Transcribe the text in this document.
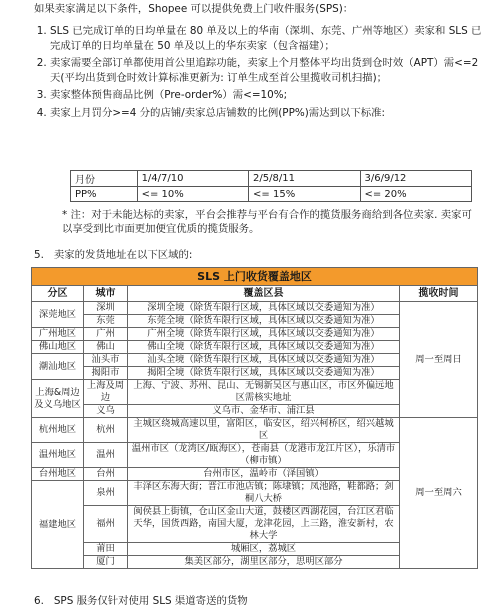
如果卖家满足以下条件，Shopee 可以提供免费上门收件服务(SPS)：
1. SLS 已完成订单的日均单量在 80 单及以上的华南（深圳、东莞、广州等地区）卖家和 SLS 已完成订单的日均单量在 50 单及以上的华东卖家（包含福建）；
2. 卖家需要全部订单都使用首公里追踪功能，卖家上个月整体平均出货到仓时效（APT）需<=2 天(平均出货到仓时效计算标准更新为: 订单生成至首公里揽收司机扫描)；
3. 卖家整体预售商品比例（Pre-order%）需<=10%;
4. 卖家上月罚分>=4 分的店铺/卖家总店铺数的比例(PP%)需达到以下标准:
月份	1/4/7/10	2/5/8/11	3/6/9/12
PP%	<= 10%	<= 15%	<= 20%
* 注：对于未能达标的卖家，平台会推荐与平台有合作的揽货服务商给到各位卖家. 卖家可以享受到比市面更加便宜优质的揽货服务。
5.   卖家的发货地址在以下区域的:
SLS 上门收货覆盖地区			
分区	城市	覆盖区县	揽收时间
深莞地区	深圳	深圳全境（除货车限行区域，具体区域以交委通知为准）	周一至周日
	东莞	东莞全境（除货车限行区域，具体区域以交委通知为准）	
广州地区	广州	广州全境（除货车限行区域，具体区域以交委通知为准）	
佛山地区	佛山	佛山全境（除货车限行区域，具体区域以交委通知为准）	
潮汕地区	汕头市	汕头全境（除货车限行区域，具体区域以交委通知为准）	
	揭阳市	揭阳全境（除货车限行区域，具体区域以交委通知为准）	
上海&周边及义乌地区	上海及周边	上海、宁波、苏州、昆山、无锡新吴区与惠山区，市区外偏远地区需核实地址	
	义乌	义乌市、金华市、浦江县	
杭州地区	杭州	主城区绕城高速以里，富阳区，临安区，绍兴柯桥区，绍兴越城区	周一至周六
温州地区	温州	温州市区（龙湾区/瓯海区），苍南县（龙港市龙江片区），乐清市（柳市镇）	
台州地区	台州	台州市区，温岭市（泽国镇）	
福建地区	泉州	丰泽区东海大街；晋江市池店镇；陈埭镇；凤池路，鞋都路；剑桐八大桥	
	福州	闽侯县上街镇，仓山区金山大道，鼓楼区西湖花园，台江区君临天华，国货西路，南国大厦，龙津花园，上三路，淮安新村，农林大学	
	莆田	城厢区，荔城区	
	厦门	集美区部分，湖里区部分，思明区部分	
6.   SPS 服务仅针对使用 SLS 渠道寄送的货物
